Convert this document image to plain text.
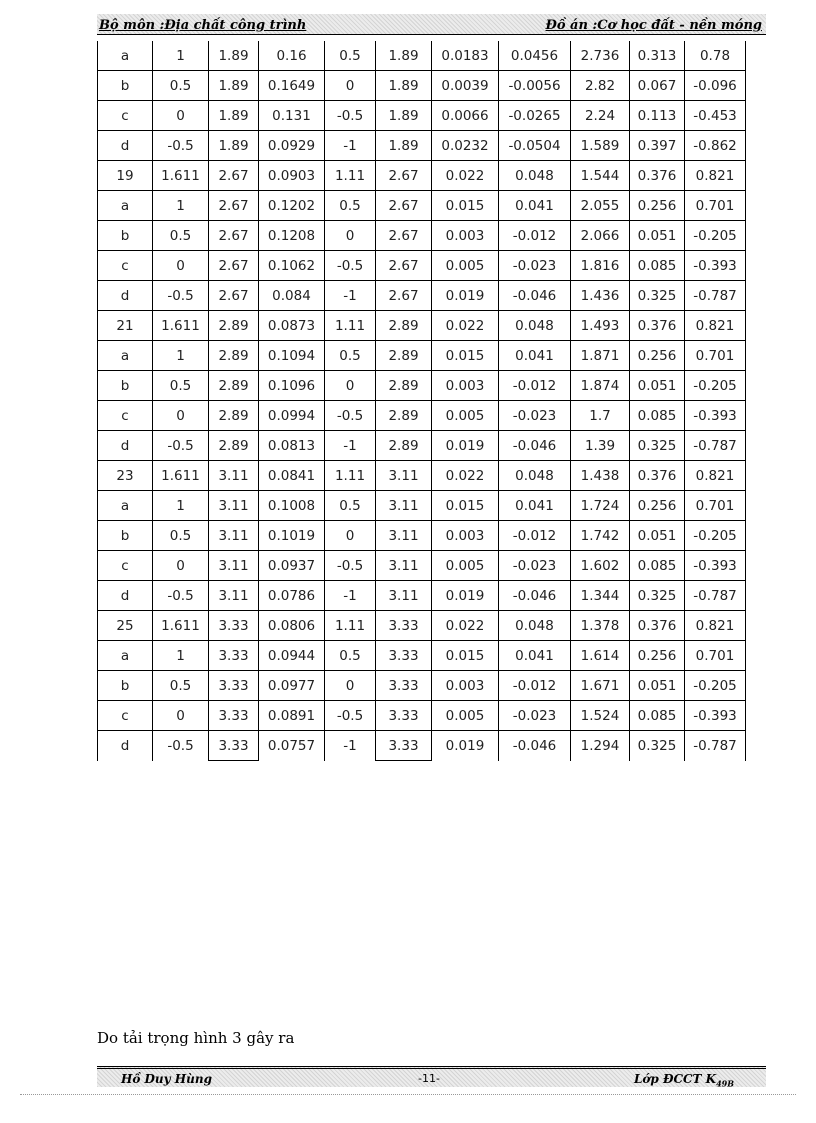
Bộ môn :Địa chất công trình	Đồ án :Cơ học đất - nền móng
a	1	1.89	0.16	0.5	1.89	0.0183	0.0456	2.736	0.313	0.78
b	0.5	1.89	0.1649	0	1.89	0.0039	-0.0056	2.82	0.067	-0.096
c	0	1.89	0.131	-0.5	1.89	0.0066	-0.0265	2.24	0.113	-0.453
d	-0.5	1.89	0.0929	-1	1.89	0.0232	-0.0504	1.589	0.397	-0.862
19	1.611	2.67	0.0903	1.11	2.67	0.022	0.048	1.544	0.376	0.821
a	1	2.67	0.1202	0.5	2.67	0.015	0.041	2.055	0.256	0.701
b	0.5	2.67	0.1208	0	2.67	0.003	-0.012	2.066	0.051	-0.205
c	0	2.67	0.1062	-0.5	2.67	0.005	-0.023	1.816	0.085	-0.393
d	-0.5	2.67	0.084	-1	2.67	0.019	-0.046	1.436	0.325	-0.787
21	1.611	2.89	0.0873	1.11	2.89	0.022	0.048	1.493	0.376	0.821
a	1	2.89	0.1094	0.5	2.89	0.015	0.041	1.871	0.256	0.701
b	0.5	2.89	0.1096	0	2.89	0.003	-0.012	1.874	0.051	-0.205
c	0	2.89	0.0994	-0.5	2.89	0.005	-0.023	1.7	0.085	-0.393
d	-0.5	2.89	0.0813	-1	2.89	0.019	-0.046	1.39	0.325	-0.787
23	1.611	3.11	0.0841	1.11	3.11	0.022	0.048	1.438	0.376	0.821
a	1	3.11	0.1008	0.5	3.11	0.015	0.041	1.724	0.256	0.701
b	0.5	3.11	0.1019	0	3.11	0.003	-0.012	1.742	0.051	-0.205
c	0	3.11	0.0937	-0.5	3.11	0.005	-0.023	1.602	0.085	-0.393
d	-0.5	3.11	0.0786	-1	3.11	0.019	-0.046	1.344	0.325	-0.787
25	1.611	3.33	0.0806	1.11	3.33	0.022	0.048	1.378	0.376	0.821
a	1	3.33	0.0944	0.5	3.33	0.015	0.041	1.614	0.256	0.701
b	0.5	3.33	0.0977	0	3.33	0.003	-0.012	1.671	0.051	-0.205
c	0	3.33	0.0891	-0.5	3.33	0.005	-0.023	1.524	0.085	-0.393
d	-0.5	3.33	0.0757	-1	3.33	0.019	-0.046	1.294	0.325	-0.787
Do tải trọng hình 3 gây ra
Hồ Duy Hùng	-11-	Lớp ĐCCT $K_{49B}$
